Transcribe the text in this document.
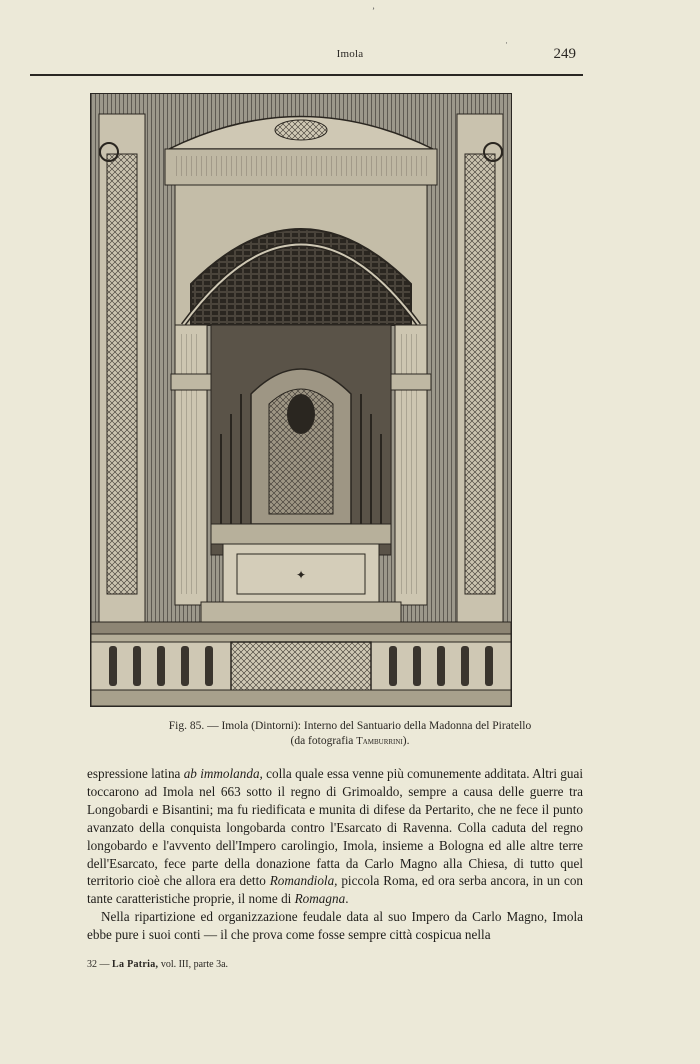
Imola	249
ʼ
·
✦
Fig. 85. — Imola (Dintorni): Interno del Santuario della Madonna del Piratello
(da fotografia Tamburrini).

espressione latina ab immolanda, colla quale essa venne più comunemente additata. Altri guai toccarono ad Imola nel 663 sotto il regno di Grimoaldo, sempre a causa delle guerre tra Longobardi e Bisantini; ma fu riedificata e munita di difese da Pertarito, che ne fece il punto avanzato della conquista longobarda contro l'Esarcato di Ravenna. Colla caduta del regno longobardo e l'avvento dell'Impero carolingio, Imola, insieme a Bologna ed alle altre terre dell'Esarcato, fece parte della donazione fatta da Carlo Magno alla Chiesa, di tutto quel territorio cioè che allora era detto Romandiola, piccola Roma, ed ora serba ancora, in un con tante caratteristiche proprie, il nome di Romagna.

Nella ripartizione ed organizzazione feudale data al suo Impero da Carlo Magno, Imola ebbe pure i suoi conti — il che prova come fosse sempre città cospicua nella

32 — La Patria, vol. III, parte 3a.
